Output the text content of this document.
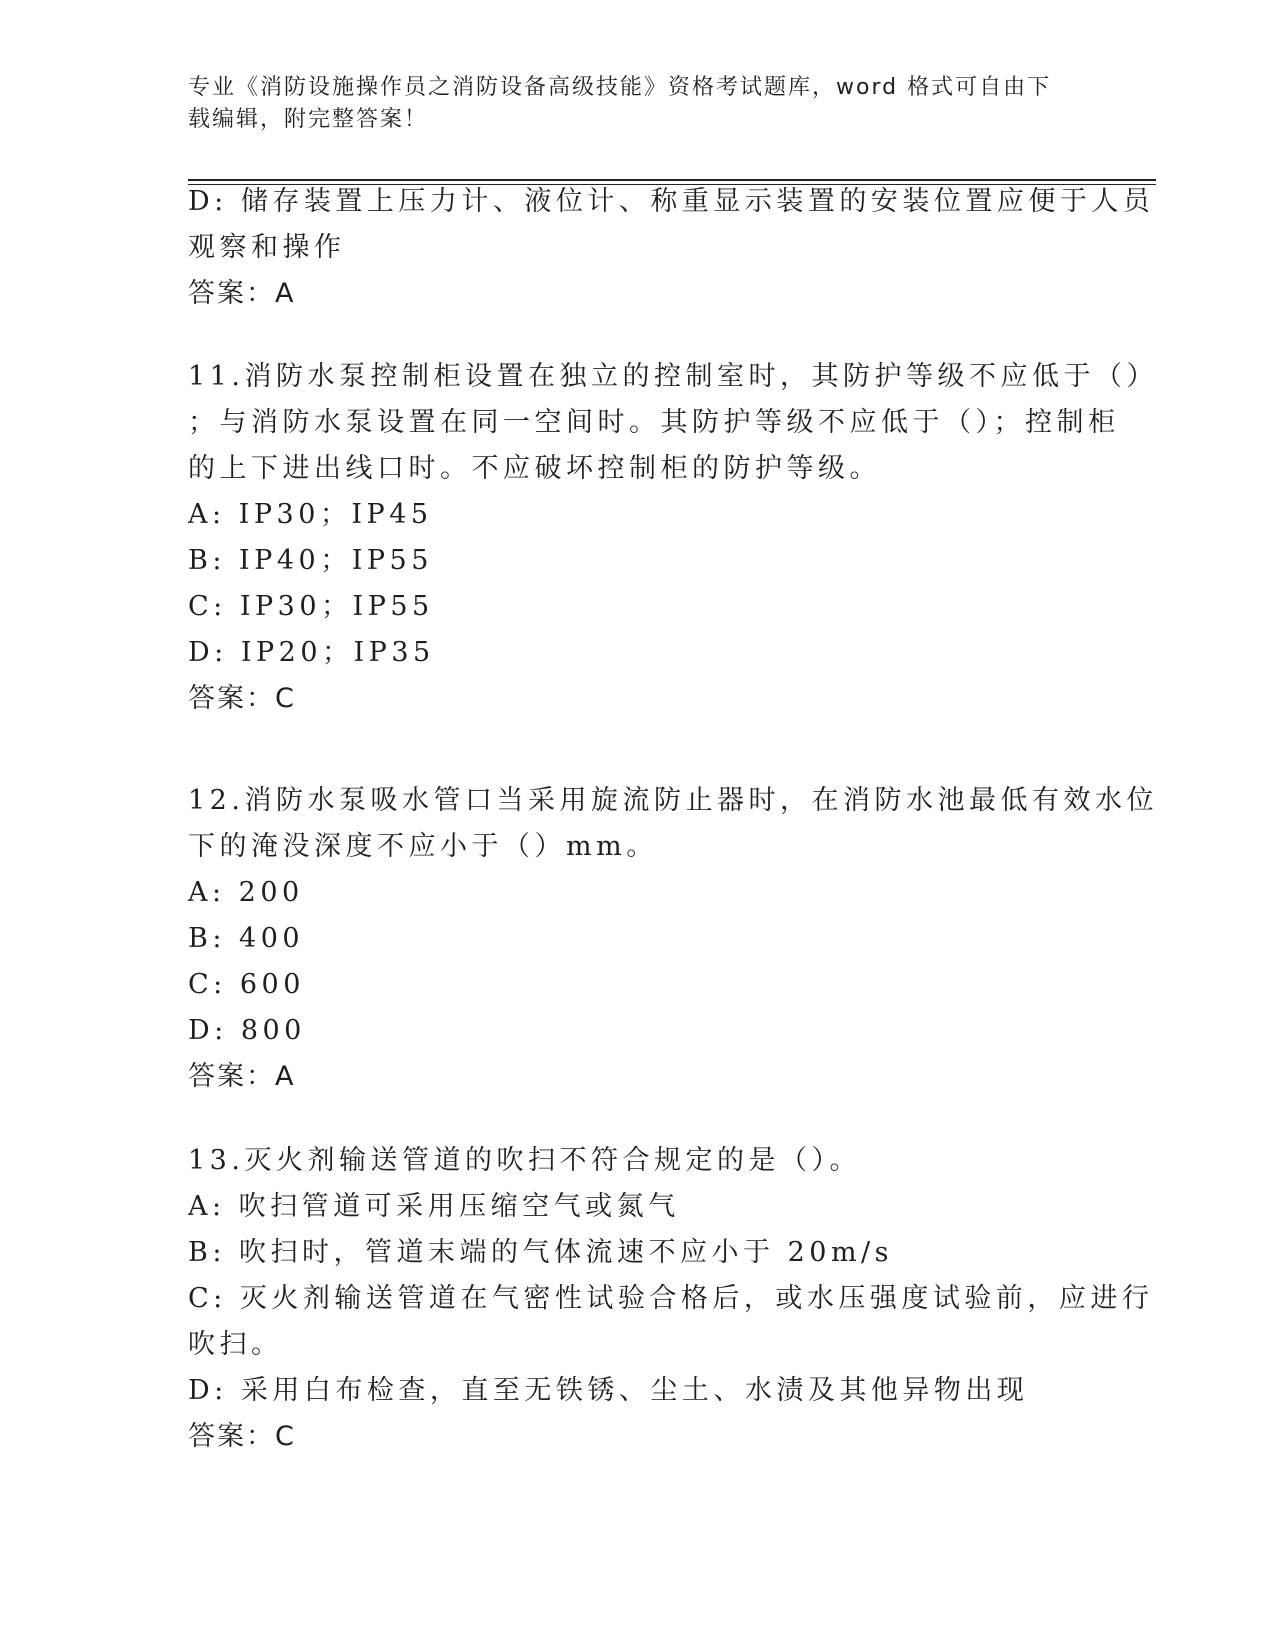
专业《消防设施操作员之消防设备高级技能》资格考试题库，word 格式可自由下
载编辑，附完整答案！
D: 储存装置上压力计、液位计、称重显示装置的安装位置应便于人员
观察和操作
答案：A
11.消防水泵控制柜设置在独立的控制室时，其防护等级不应低于（）
；与消防水泵设置在同一空间时。其防护等级不应低于（）；控制柜
的上下进出线口时。不应破坏控制柜的防护等级。
A: IP30；IP45
B: IP40；IP55
C: IP30；IP55
D: IP20；IP35
答案：C
12.消防水泵吸水管口当采用旋流防止器时，在消防水池最低有效水位
下的淹没深度不应小于（）mm。
A: 200
B: 400
C: 600
D: 800
答案：A
13.灭火剂输送管道的吹扫不符合规定的是（）。
A: 吹扫管道可采用压缩空气或氮气
B: 吹扫时，管道末端的气体流速不应小于 20m/s
C: 灭火剂输送管道在气密性试验合格后，或水压强度试验前，应进行
吹扫。
D: 采用白布检查，直至无铁锈、尘土、水渍及其他异物出现
答案：C
